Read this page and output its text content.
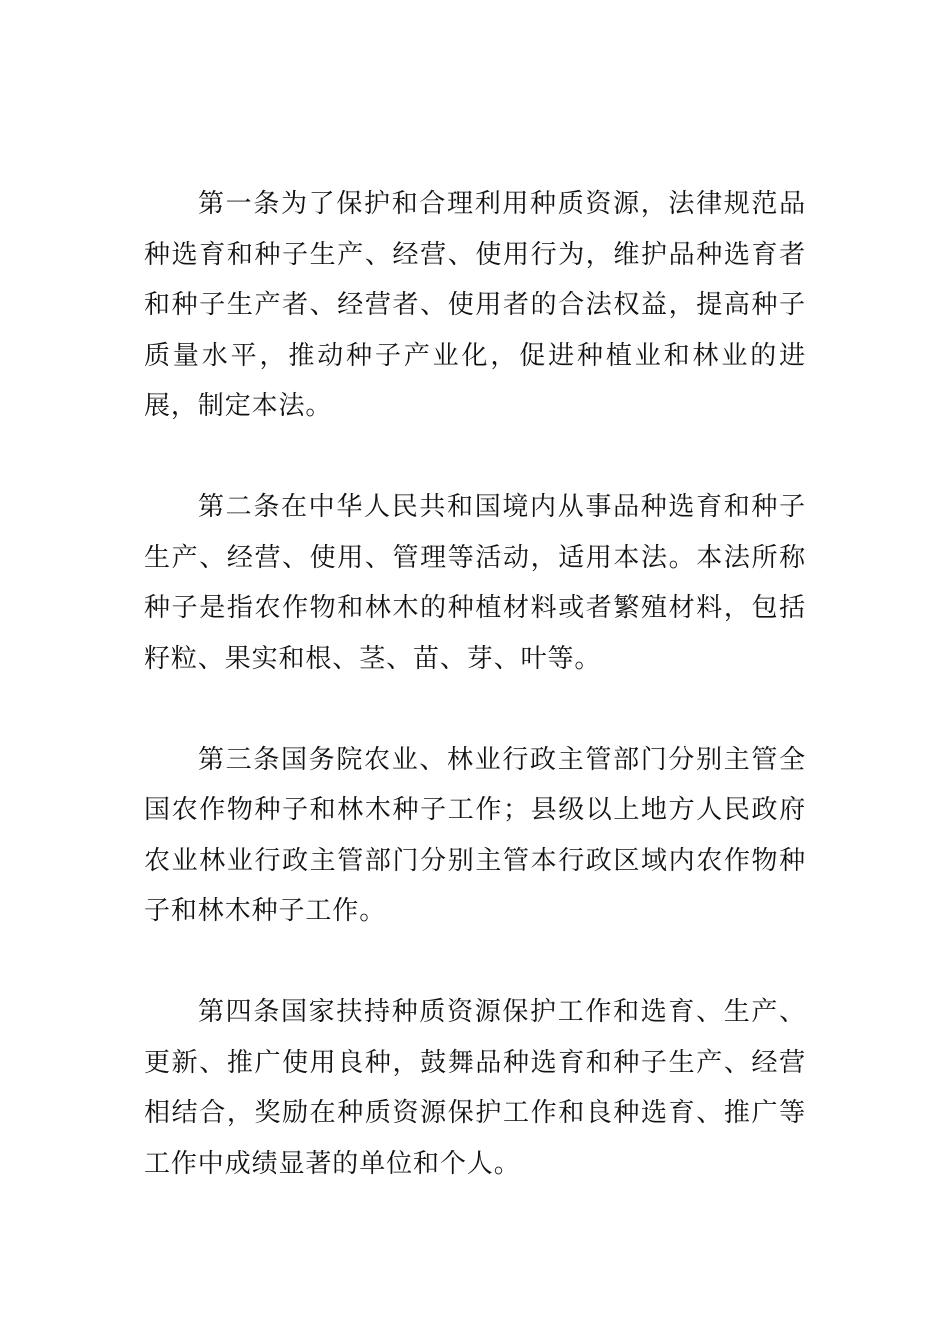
第一条为了保护和合理利用种质资源，法律规范品种选育和种子生产、经营、使用行为，维护品种选育者和种子生产者、经营者、使用者的合法权益，提高种子质量水平，推动种子产业化，促进种植业和林业的进展，制定本法。

第二条在中华人民共和国境内从事品种选育和种子生产、经营、使用、管理等活动，适用本法。本法所称种子是指农作物和林木的种植材料或者繁殖材料，包括籽粒、果实和根、茎、苗、芽、叶等。

第三条国务院农业、林业行政主管部门分别主管全国农作物种子和林木种子工作；县级以上地方人民政府农业林业行政主管部门分别主管本行政区域内农作物种子和林木种子工作。

第四条国家扶持种质资源保护工作和选育、生产、更新、推广使用良种，鼓舞品种选育和种子生产、经营相结合，奖励在种质资源保护工作和良种选育、推广等工作中成绩显著的单位和个人。
